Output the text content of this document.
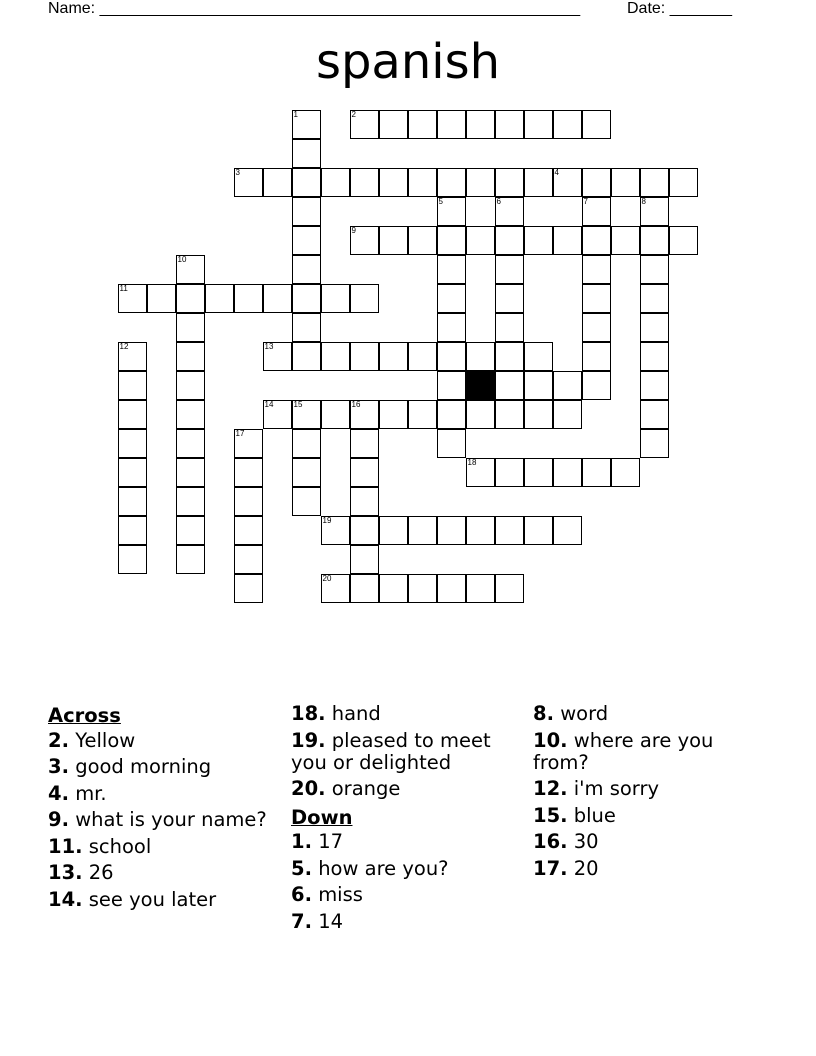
Name: ______________________________________________________	Date: _______
spanish
1	2
3	4
5	6	7	8
9
10
11
12	13
14	15	16
17
18
19
20
Across
2. Yellow
3. good morning
4. mr.
9. what is your name?
11. school
13. 26
14. see you later
18. hand
19. pleased to meet you or delighted
20. orange
Down
1. 17
5. how are you?
6. miss
7. 14
8. word
10. where are you from?
12. i'm sorry
15. blue
16. 30
17. 20
